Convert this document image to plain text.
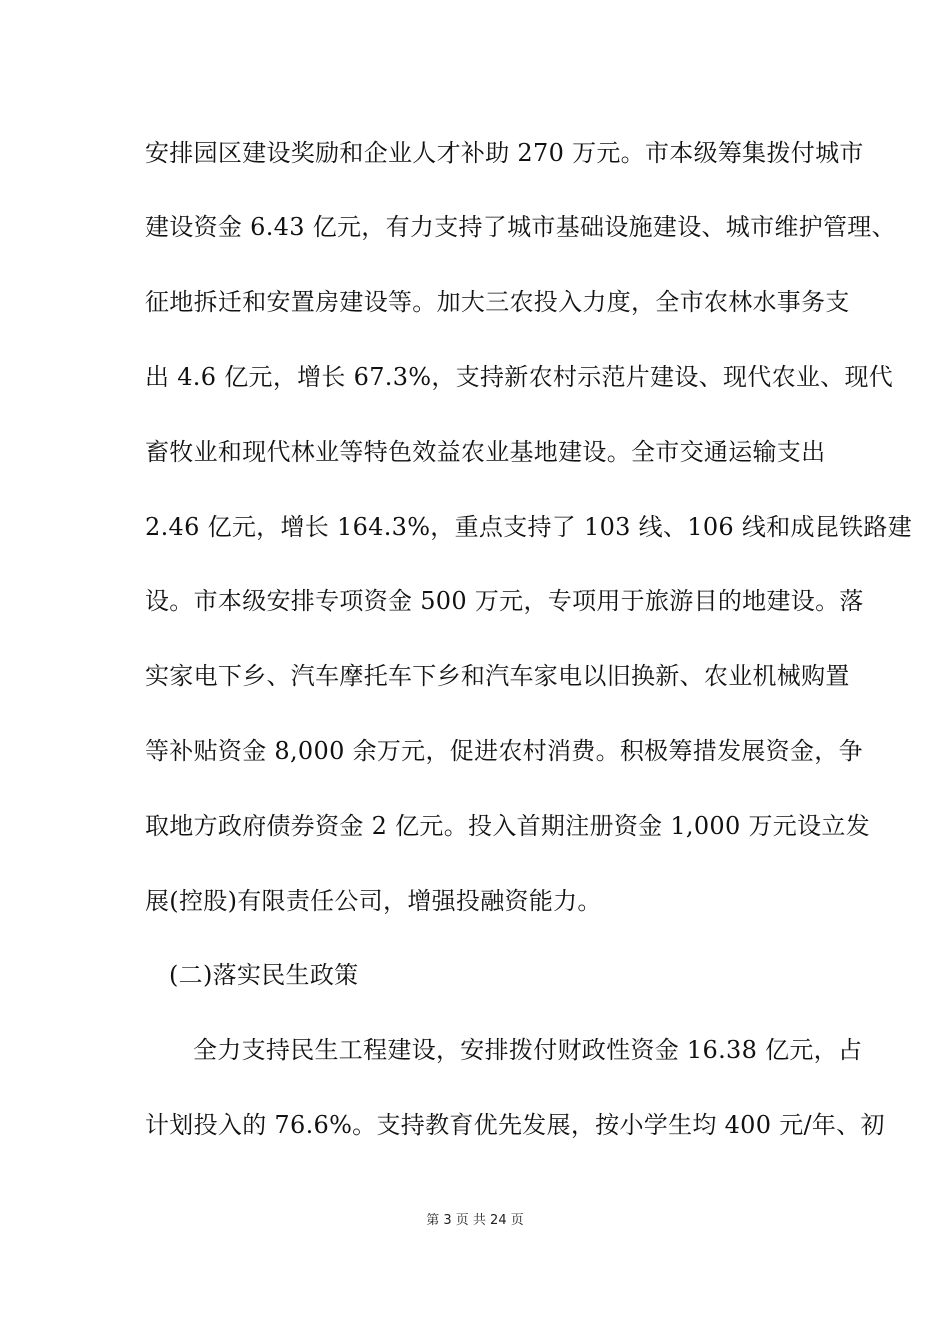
安排园区建设奖励和企业人才补助 270 万元。市本级筹集拨付城市
建设资金 6.43 亿元，有力支持了城市基础设施建设、城市维护管理、
征地拆迁和安置房建设等。加大三农投入力度，全市农林水事务支
出 4.6 亿元，增长 67.3%，支持新农村示范片建设、现代农业、现代
畜牧业和现代林业等特色效益农业基地建设。全市交通运输支出
2.46 亿元，增长 164.3%，重点支持了 103 线、106 线和成昆铁路建
设。市本级安排专项资金 500 万元，专项用于旅游目的地建设。落
实家电下乡、汽车摩托车下乡和汽车家电以旧换新、农业机械购置
等补贴资金 8,000 余万元，促进农村消费。积极筹措发展资金，争
取地方政府债券资金 2 亿元。投入首期注册资金 1,000 万元设立发
展(控股)有限责任公司，增强投融资能力。
(二)落实民生政策
全力支持民生工程建设，安排拨付财政性资金 16.38 亿元，占
计划投入的 76.6%。支持教育优先发展，按小学生均 400 元/年、初
第 3 页 共 24 页
